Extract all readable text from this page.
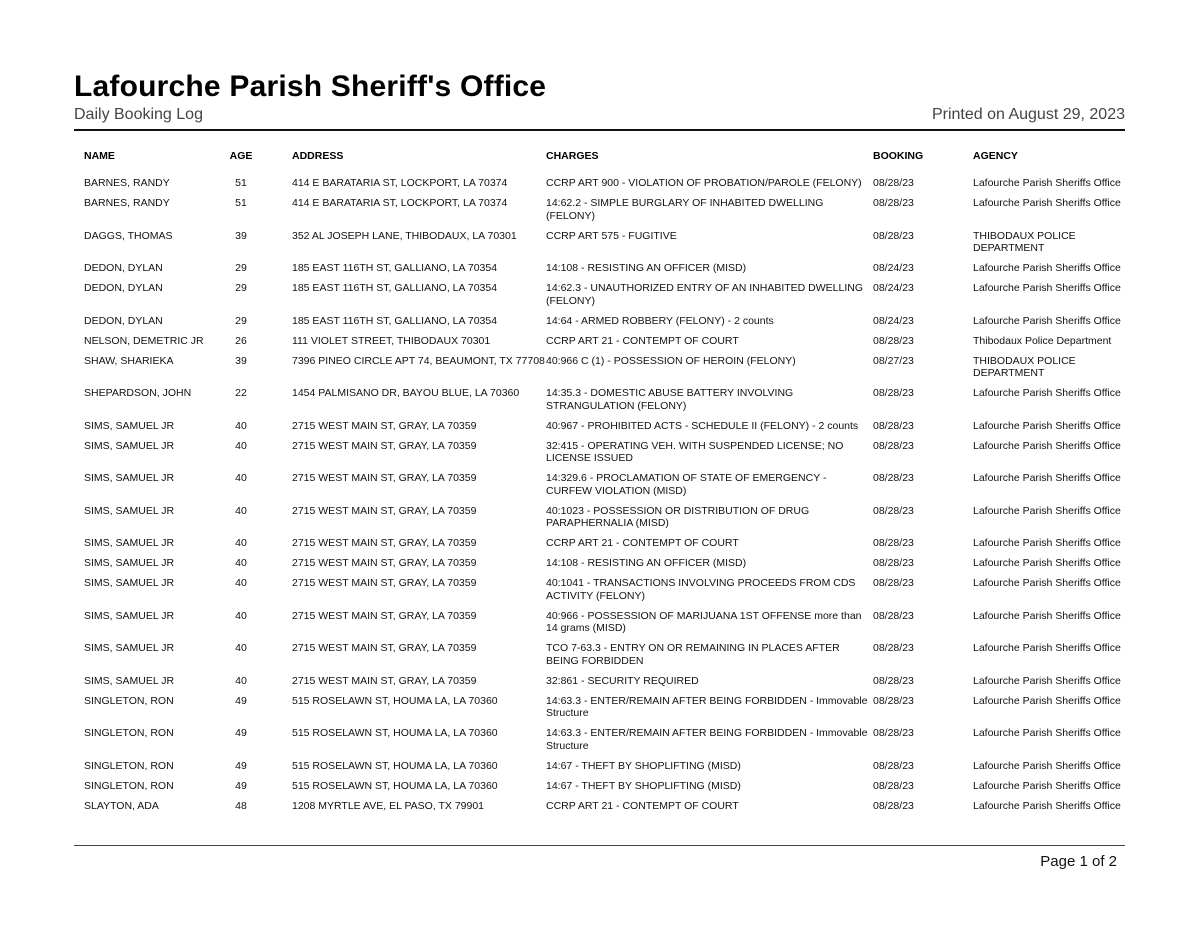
Lafourche Parish Sheriff's Office
Daily Booking Log	Printed on August 29, 2023
NAME	AGE	ADDRESS	CHARGES	BOOKING	AGENCY
BARNES, RANDY	51	414 E BARATARIA ST, LOCKPORT, LA 70374	CCRP ART 900 - VIOLATION OF PROBATION/PAROLE (FELONY)	08/28/23	Lafourche Parish Sheriffs Office
BARNES, RANDY	51	414 E BARATARIA ST, LOCKPORT, LA 70374	14:62.2 - SIMPLE BURGLARY OF INHABITED DWELLING (FELONY)	08/28/23	Lafourche Parish Sheriffs Office
DAGGS, THOMAS	39	352 AL JOSEPH LANE, THIBODAUX, LA 70301	CCRP ART 575 - FUGITIVE	08/28/23	THIBODAUX POLICE DEPARTMENT
DEDON, DYLAN	29	185 EAST 116TH ST, GALLIANO, LA 70354	14:108 - RESISTING AN OFFICER (MISD)	08/24/23	Lafourche Parish Sheriffs Office
DEDON, DYLAN	29	185 EAST 116TH ST, GALLIANO, LA 70354	14:62.3 - UNAUTHORIZED ENTRY OF AN INHABITED DWELLING (FELONY)	08/24/23	Lafourche Parish Sheriffs Office
DEDON, DYLAN	29	185 EAST 116TH ST, GALLIANO, LA 70354	14:64 - ARMED ROBBERY (FELONY) - 2 counts	08/24/23	Lafourche Parish Sheriffs Office
NELSON, DEMETRIC JR	26	111 VIOLET STREET, THIBODAUX 70301	CCRP ART 21 - CONTEMPT OF COURT	08/28/23	Thibodaux Police Department
SHAW, SHARIEKA	39	7396 PINEO CIRCLE APT 74, BEAUMONT, TX 77708	40:966 C (1) - POSSESSION OF HEROIN (FELONY)	08/27/23	THIBODAUX POLICE DEPARTMENT
SHEPARDSON, JOHN	22	1454 PALMISANO DR, BAYOU BLUE, LA 70360	14:35.3 - DOMESTIC ABUSE BATTERY INVOLVING STRANGULATION (FELONY)	08/28/23	Lafourche Parish Sheriffs Office
SIMS, SAMUEL JR	40	2715 WEST MAIN ST, GRAY, LA 70359	40:967 - PROHIBITED ACTS - SCHEDULE II (FELONY) - 2 counts	08/28/23	Lafourche Parish Sheriffs Office
SIMS, SAMUEL JR	40	2715 WEST MAIN ST, GRAY, LA 70359	32:415 - OPERATING VEH. WITH SUSPENDED LICENSE; NO LICENSE ISSUED	08/28/23	Lafourche Parish Sheriffs Office
SIMS, SAMUEL JR	40	2715 WEST MAIN ST, GRAY, LA 70359	14:329.6 - PROCLAMATION OF STATE OF EMERGENCY - CURFEW VIOLATION (MISD)	08/28/23	Lafourche Parish Sheriffs Office
SIMS, SAMUEL JR	40	2715 WEST MAIN ST, GRAY, LA 70359	40:1023 - POSSESSION OR DISTRIBUTION OF DRUG PARAPHERNALIA (MISD)	08/28/23	Lafourche Parish Sheriffs Office
SIMS, SAMUEL JR	40	2715 WEST MAIN ST, GRAY, LA 70359	CCRP ART 21 - CONTEMPT OF COURT	08/28/23	Lafourche Parish Sheriffs Office
SIMS, SAMUEL JR	40	2715 WEST MAIN ST, GRAY, LA 70359	14:108 - RESISTING AN OFFICER (MISD)	08/28/23	Lafourche Parish Sheriffs Office
SIMS, SAMUEL JR	40	2715 WEST MAIN ST, GRAY, LA 70359	40:1041 - TRANSACTIONS INVOLVING PROCEEDS FROM CDS ACTIVITY (FELONY)	08/28/23	Lafourche Parish Sheriffs Office
SIMS, SAMUEL JR	40	2715 WEST MAIN ST, GRAY, LA 70359	40:966 - POSSESSION OF MARIJUANA 1ST OFFENSE more than 14 grams (MISD)	08/28/23	Lafourche Parish Sheriffs Office
SIMS, SAMUEL JR	40	2715 WEST MAIN ST, GRAY, LA 70359	TCO 7-63.3 - ENTRY ON OR REMAINING IN PLACES AFTER BEING FORBIDDEN	08/28/23	Lafourche Parish Sheriffs Office
SIMS, SAMUEL JR	40	2715 WEST MAIN ST, GRAY, LA 70359	32:861 - SECURITY REQUIRED	08/28/23	Lafourche Parish Sheriffs Office
SINGLETON, RON	49	515 ROSELAWN ST, HOUMA LA, LA 70360	14:63.3 - ENTER/REMAIN AFTER BEING FORBIDDEN - Immovable Structure	08/28/23	Lafourche Parish Sheriffs Office
SINGLETON, RON	49	515 ROSELAWN ST, HOUMA LA, LA 70360	14:63.3 - ENTER/REMAIN AFTER BEING FORBIDDEN - Immovable Structure	08/28/23	Lafourche Parish Sheriffs Office
SINGLETON, RON	49	515 ROSELAWN ST, HOUMA LA, LA 70360	14:67 - THEFT BY SHOPLIFTING (MISD)	08/28/23	Lafourche Parish Sheriffs Office
SINGLETON, RON	49	515 ROSELAWN ST, HOUMA LA, LA 70360	14:67 - THEFT BY SHOPLIFTING (MISD)	08/28/23	Lafourche Parish Sheriffs Office
SLAYTON, ADA	48	1208 MYRTLE AVE, EL PASO, TX 79901	CCRP ART 21 - CONTEMPT OF COURT	08/28/23	Lafourche Parish Sheriffs Office
Page 1 of 2
